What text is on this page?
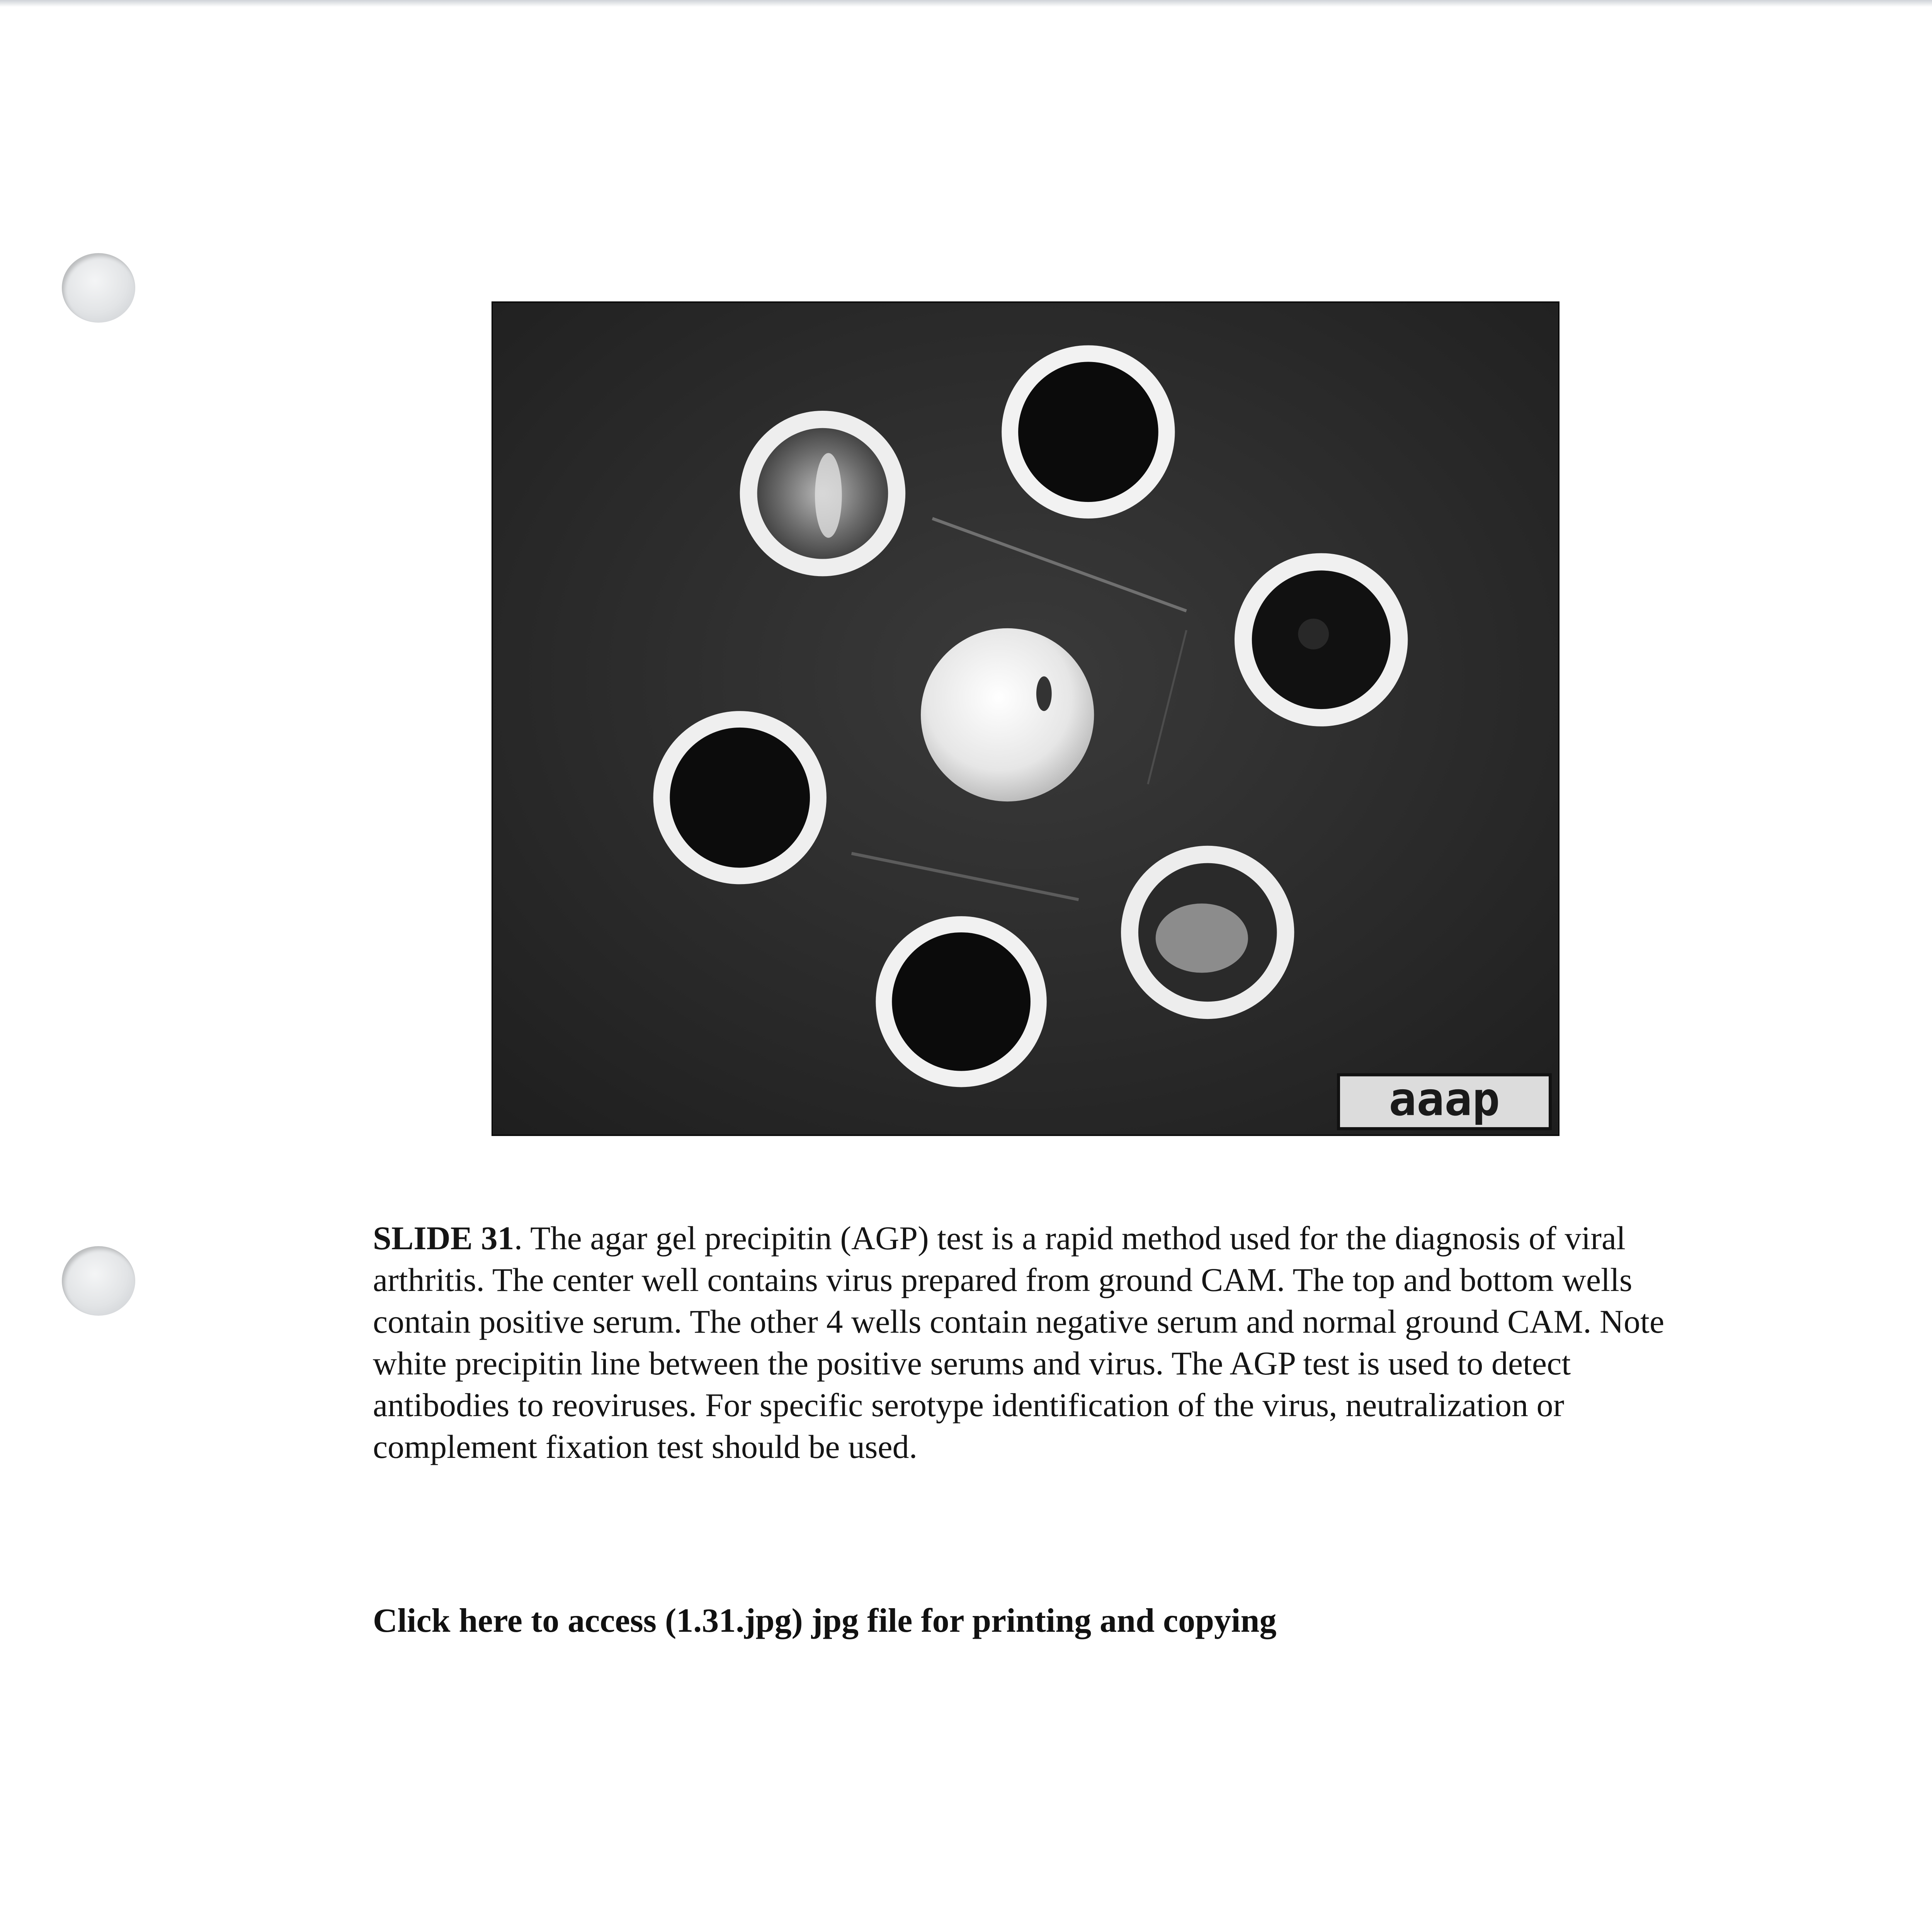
aaap
SLIDE 31. The agar gel precipitin (AGP) test is a rapid method used for the diagnosis of viral arthritis. The center well contains virus prepared from ground CAM. The top and bottom wells contain positive serum. The other 4 wells contain negative serum and normal ground CAM. Note white precipitin line between the positive serums and virus. The AGP test is used to detect antibodies to reoviruses. For specific serotype identification of the virus, neutralization or complement fixation test should be used.
Click here to access (1.31.jpg) jpg file for printing and copying
